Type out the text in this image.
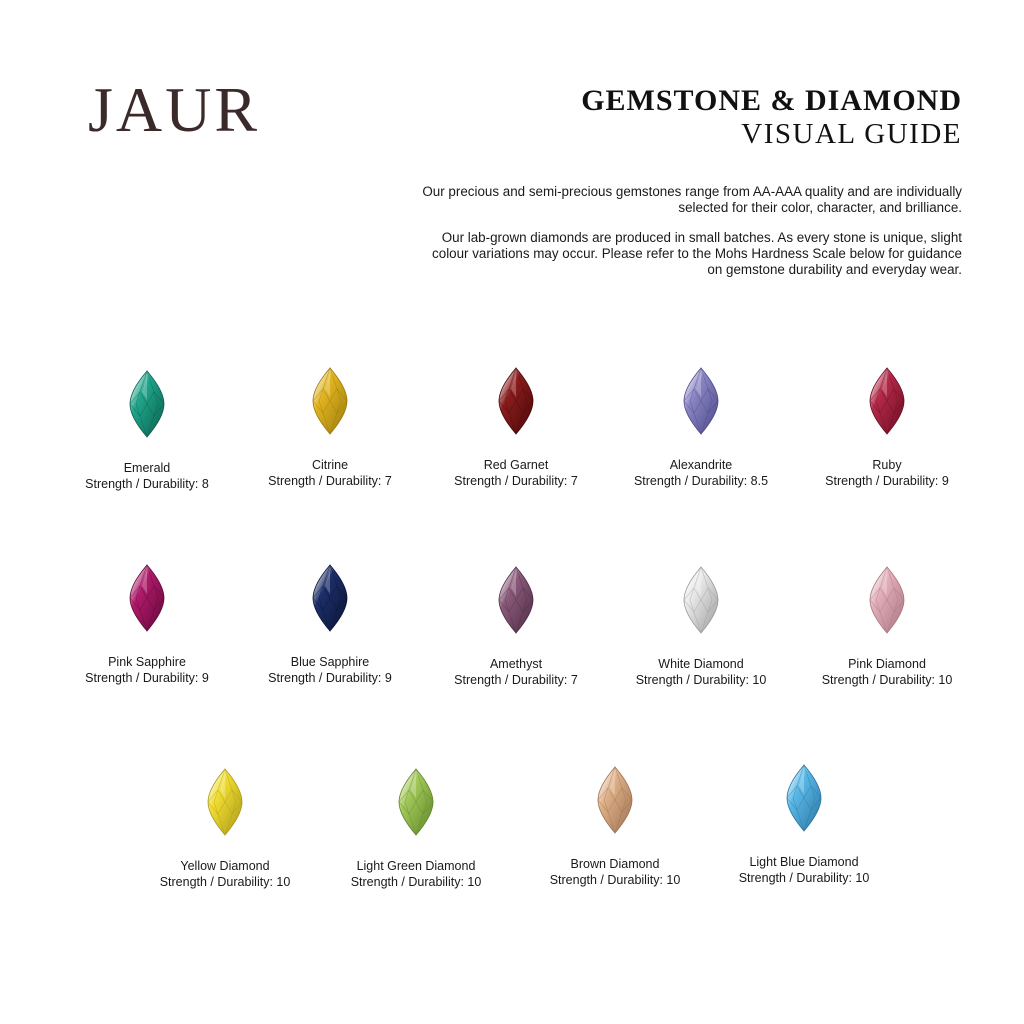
JAUR	GEMSTONE & DIAMOND
VISUAL GUIDE

Our precious and semi-precious gemstones range from AA-AAA quality and are individually selected for their color, character, and brilliance.

Our lab-grown diamonds are produced in small batches. As every stone is unique, slight colour variations may occur. Please refer to the Mohs Hardness Scale below for guidance on gemstone durability and everyday wear.

Emerald
Strength / Durability: 8
Citrine
Strength / Durability: 7
Red Garnet
Strength / Durability: 7
Alexandrite
Strength / Durability: 8.5
Ruby
Strength / Durability: 9
Pink Sapphire
Strength / Durability: 9
Blue Sapphire
Strength / Durability: 9
Amethyst
Strength / Durability: 7
White Diamond
Strength / Durability: 10
Pink Diamond
Strength / Durability: 10
Yellow Diamond
Strength / Durability: 10
Light Green Diamond
Strength / Durability: 10
Brown Diamond
Strength / Durability: 10
Light Blue Diamond
Strength / Durability: 10
